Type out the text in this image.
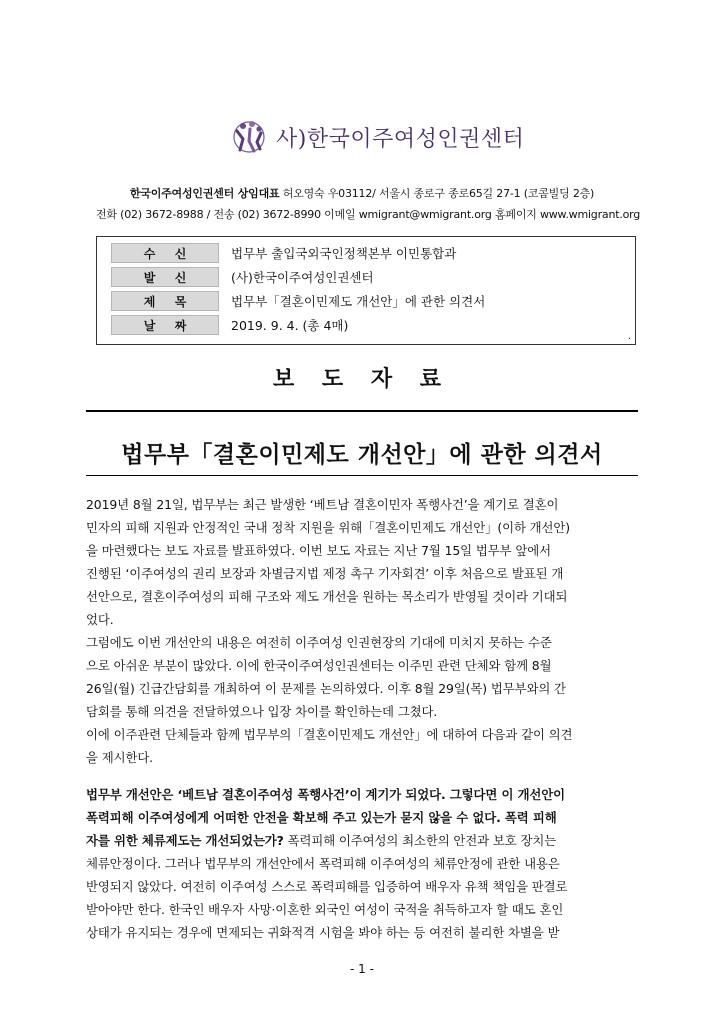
사)한국이주여성인권센터
한국이주여성인권센터 상임대표 허오영숙 우03112/ 서울시 종로구 종로65길 27-1 (코콤빌딩 2층)
전화 (02) 3672-8988 / 전송 (02) 3672-8990 이메일 wmigrant@wmigrant.org 홈페이지 www.wmigrant.org
수 신	법무부 출입국외국인정책본부 이민통합과
발 신	(사)한국이주여성인권센터
제 목	법무부「결혼이민제도 개선안」에 관한 의견서
날 짜	2019. 9. 4. (총 4매)
.
보 도 자 료
법무부「결혼이민제도 개선안」에 관한 의견서
2019년 8월 21일, 법무부는 최근 발생한 ‘베트남 결혼이민자 폭행사건’을 계기로 결혼이
민자의 피해 지원과 안정적인 국내 정착 지원을 위해「결혼이민제도 개선안」(이하 개선안)
을 마련했다는 보도 자료를 발표하였다. 이번 보도 자료는 지난 7월 15일 법무부 앞에서
진행된 ‘이주여성의 권리 보장과 차별금지법 제정 촉구 기자회견’ 이후 처음으로 발표된 개
선안으로, 결혼이주여성의 피해 구조와 제도 개선을 원하는 목소리가 반영될 것이라 기대되
었다.
그럼에도 이번 개선안의 내용은 여전히 이주여성 인권현장의 기대에 미치지 못하는 수준
으로 아쉬운 부분이 많았다. 이에 한국이주여성인권센터는 이주민 관련 단체와 함께 8월
26일(월) 긴급간담회를 개최하여 이 문제를 논의하였다. 이후 8월 29일(목) 법무부와의 간
담회를 통해 의견을 전달하였으나 입장 차이를 확인하는데 그쳤다.
이에 이주관련 단체들과 함께 법무부의「결혼이민제도 개선안」에 대하여 다음과 같이 의견
을 제시한다.
법무부 개선안은 ‘베트남 결혼이주여성 폭행사건’이 계기가 되었다. 그렇다면 이 개선안이
폭력피해 이주여성에게 어떠한 안전을 확보해 주고 있는가 묻지 않을 수 없다. 폭력 피해
자를 위한 체류제도는 개선되었는가? 폭력피해 이주여성의 최소한의 안전과 보호 장치는
체류안정이다. 그러나 법무부의 개선안에서 폭력피해 이주여성의 체류안정에 관한 내용은
반영되지 않았다. 여전히 이주여성 스스로 폭력피해를 입증하여 배우자 유책 책임을 판결로
받아야만 한다. 한국인 배우자 사망·이혼한 외국인 여성이 국적을 취득하고자 할 때도 혼인
상태가 유지되는 경우에 면제되는 귀화적격 시험을 봐야 하는 등 여전히 불리한 차별을 받
- 1 -
